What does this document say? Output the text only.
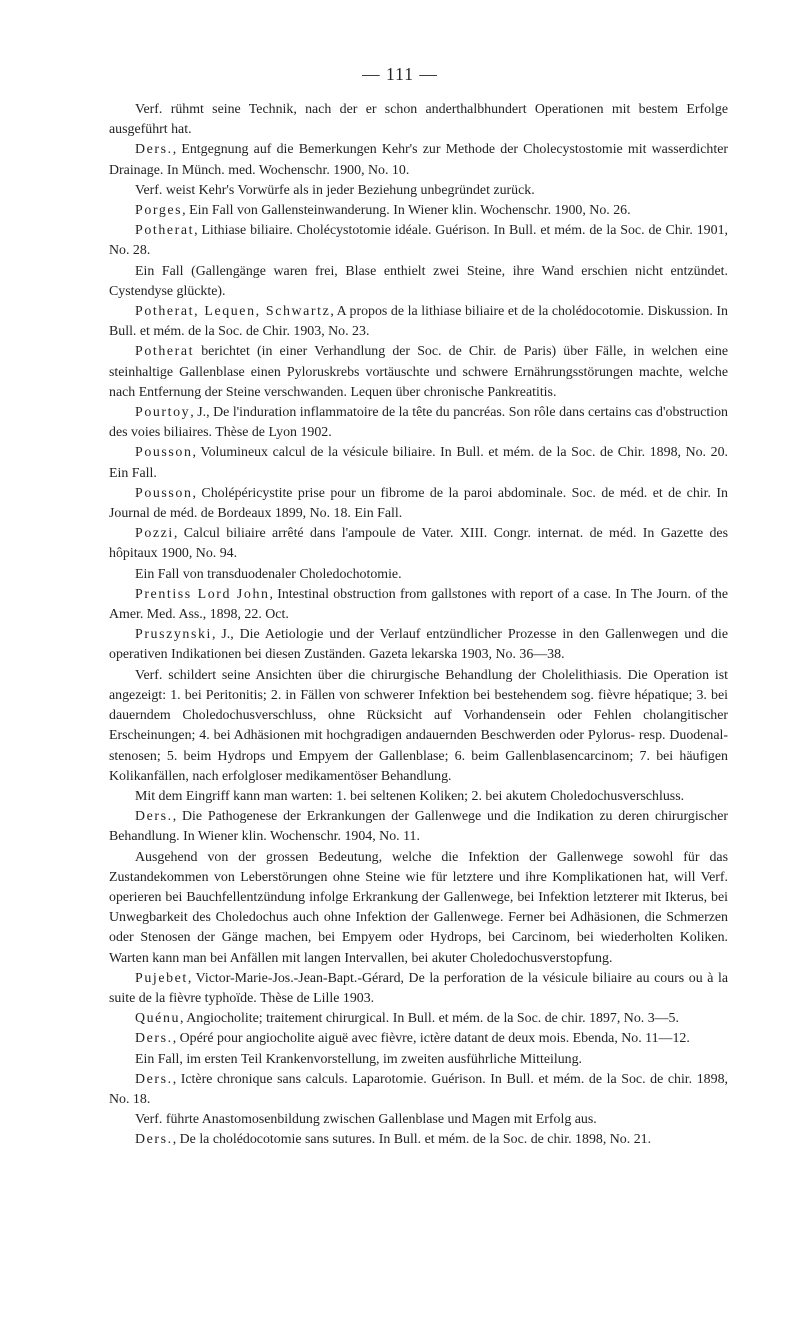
— 111 —

Verf. rühmt seine Technik, nach der er schon anderthalbhundert Operationen mit bestem Erfolge ausgeführt hat.

Ders., Entgegnung auf die Bemerkungen Kehr's zur Methode der Cholecystostomie mit wasserdichter Drainage. In Münch. med. Wochenschr. 1900, No. 10.

Verf. weist Kehr's Vorwürfe als in jeder Beziehung unbegründet zurück.

Porges, Ein Fall von Gallensteinwanderung. In Wiener klin. Wochenschr. 1900, No. 26.

Potherat, Lithiase biliaire. Cholécystotomie idéale. Guérison. In Bull. et mém. de la Soc. de Chir. 1901, No. 28.

Ein Fall (Gallengänge waren frei, Blase enthielt zwei Steine, ihre Wand erschien nicht entzündet. Cystendyse glückte).

Potherat, Lequen, Schwartz, A propos de la lithiase biliaire et de la cholédocotomie. Diskussion. In Bull. et mém. de la Soc. de Chir. 1903, No. 23.

Potherat berichtet (in einer Verhandlung der Soc. de Chir. de Paris) über Fälle, in welchen eine steinhaltige Gallenblase einen Pyloruskrebs vortäuschte und schwere Ernährungsstörungen machte, welche nach Entfernung der Steine verschwanden. Lequen über chronische Pankreatitis.

Pourtoy, J., De l'induration inflammatoire de la tête du pancréas. Son rôle dans certains cas d'obstruction des voies biliaires. Thèse de Lyon 1902.

Pousson, Volumineux calcul de la vésicule biliaire. In Bull. et mém. de la Soc. de Chir. 1898, No. 20. Ein Fall.

Pousson, Cholépéricystite prise pour un fibrome de la paroi abdominale. Soc. de méd. et de chir. In Journal de méd. de Bordeaux 1899, No. 18. Ein Fall.

Pozzi, Calcul biliaire arrêté dans l'ampoule de Vater. XIII. Congr. internat. de méd. In Gazette des hôpitaux 1900, No. 94.

Ein Fall von transduodenaler Choledochotomie.

Prentiss Lord John, Intestinal obstruction from gallstones with report of a case. In The Journ. of the Amer. Med. Ass., 1898, 22. Oct.

Pruszynski, J., Die Aetiologie und der Verlauf entzündlicher Prozesse in den Gallenwegen und die operativen Indikationen bei diesen Zuständen. Gazeta lekarska 1903, No. 36—38.

Verf. schildert seine Ansichten über die chirurgische Behandlung der Cholelithiasis. Die Operation ist angezeigt: 1. bei Peritonitis; 2. in Fällen von schwerer Infektion bei bestehendem sog. fièvre hépatique; 3. bei dauerndem Choledochusverschluss, ohne Rücksicht auf Vorhandensein oder Fehlen cholangitischer Erscheinungen; 4. bei Adhäsionen mit hochgradigen andauernden Beschwerden oder Pylorus- resp. Duodenal-stenosen; 5. beim Hydrops und Empyem der Gallenblase; 6. beim Gallenblasencarcinom; 7. bei häufigen Kolikanfällen, nach erfolgloser medikamentöser Behandlung.

Mit dem Eingriff kann man warten: 1. bei seltenen Koliken; 2. bei akutem Choledochusverschluss.

Ders., Die Pathogenese der Erkrankungen der Gallenwege und die Indikation zu deren chirurgischer Behandlung. In Wiener klin. Wochenschr. 1904, No. 11.

Ausgehend von der grossen Bedeutung, welche die Infektion der Gallenwege sowohl für das Zustandekommen von Leberstörungen ohne Steine wie für letztere und ihre Komplikationen hat, will Verf. operieren bei Bauchfellentzündung infolge Erkrankung der Gallenwege, bei Infektion letzterer mit Ikterus, bei Unwegbarkeit des Choledochus auch ohne Infektion der Gallenwege. Ferner bei Adhäsionen, die Schmerzen oder Stenosen der Gänge machen, bei Empyem oder Hydrops, bei Carcinom, bei wiederholten Koliken. Warten kann man bei Anfällen mit langen Intervallen, bei akuter Choledochusverstopfung.

Pujebet, Victor-Marie-Jos.-Jean-Bapt.-Gérard, De la perforation de la vésicule biliaire au cours ou à la suite de la fièvre typhoïde. Thèse de Lille 1903.

Quénu, Angiocholite; traitement chirurgical. In Bull. et mém. de la Soc. de chir. 1897, No. 3—5.

Ders., Opéré pour angiocholite aiguë avec fièvre, ictère datant de deux mois. Ebenda, No. 11—12.

Ein Fall, im ersten Teil Krankenvorstellung, im zweiten ausführliche Mitteilung.

Ders., Ictère chronique sans calculs. Laparotomie. Guérison. In Bull. et mém. de la Soc. de chir. 1898, No. 18.

Verf. führte Anastomosenbildung zwischen Gallenblase und Magen mit Erfolg aus.

Ders., De la cholédocotomie sans sutures. In Bull. et mém. de la Soc. de chir. 1898, No. 21.
